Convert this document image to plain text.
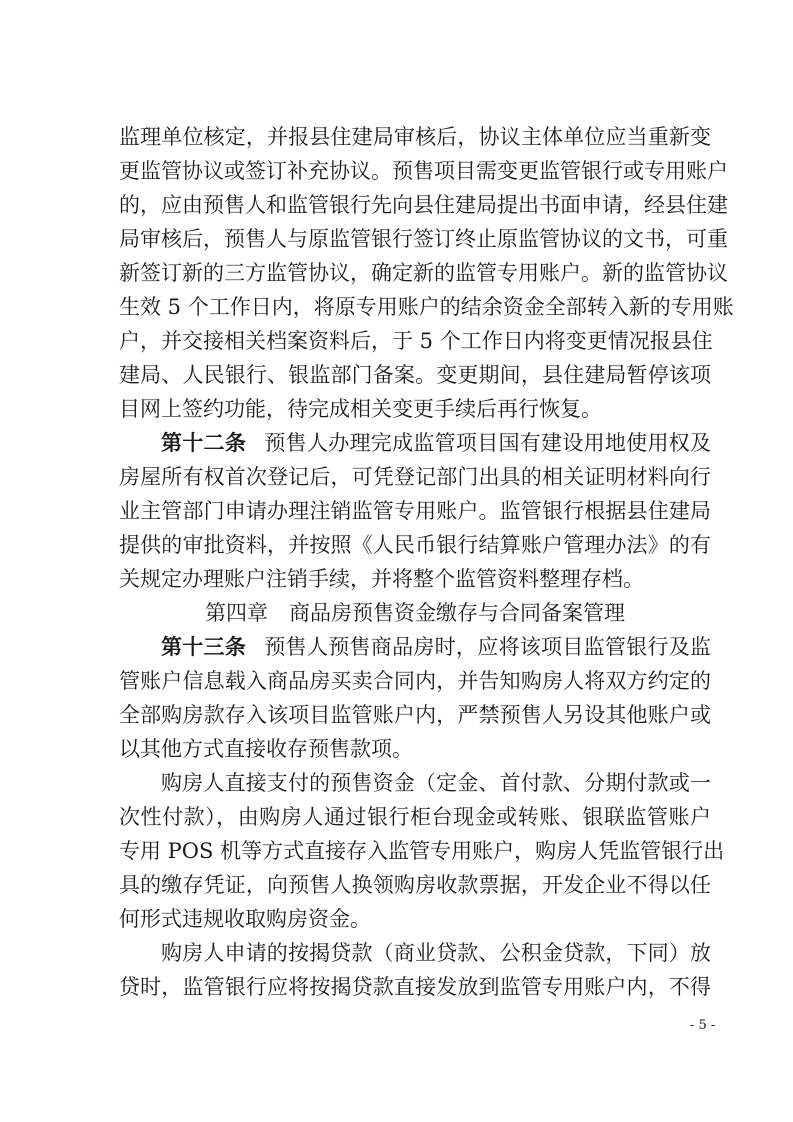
监理单位核定，并报县住建局审核后，协议主体单位应当重新变
更监管协议或签订补充协议。预售项目需变更监管银行或专用账户
的，应由预售人和监管银行先向县住建局提出书面申请，经县住建
局审核后，预售人与原监管银行签订终止原监管协议的文书，可重
新签订新的三方监管协议，确定新的监管专用账户。新的监管协议
生效 5 个工作日内，将原专用账户的结余资金全部转入新的专用账
户，并交接相关档案资料后，于 5 个工作日内将变更情况报县住
建局、人民银行、银监部门备案。变更期间，县住建局暂停该项
目网上签约功能，待完成相关变更手续后再行恢复。
第十二条 预售人办理完成监管项目国有建设用地使用权及
房屋所有权首次登记后，可凭登记部门出具的相关证明材料向行
业主管部门申请办理注销监管专用账户。监管银行根据县住建局
提供的审批资料，并按照《人民币银行结算账户管理办法》的有
关规定办理账户注销手续，并将整个监管资料整理存档。
第四章　商品房预售资金缴存与合同备案管理
第十三条 预售人预售商品房时，应将该项目监管银行及监
管账户信息载入商品房买卖合同内，并告知购房人将双方约定的
全部购房款存入该项目监管账户内，严禁预售人另设其他账户或
以其他方式直接收存预售款项。
购房人直接支付的预售资金（定金、首付款、分期付款或一
次性付款），由购房人通过银行柜台现金或转账、银联监管账户
专用 POS 机等方式直接存入监管专用账户，购房人凭监管银行出
具的缴存凭证，向预售人换领购房收款票据，开发企业不得以任
何形式违规收取购房资金。
购房人申请的按揭贷款（商业贷款、公积金贷款，下同）放
贷时，监管银行应将按揭贷款直接发放到监管专用账户内，不得
- 5 -
